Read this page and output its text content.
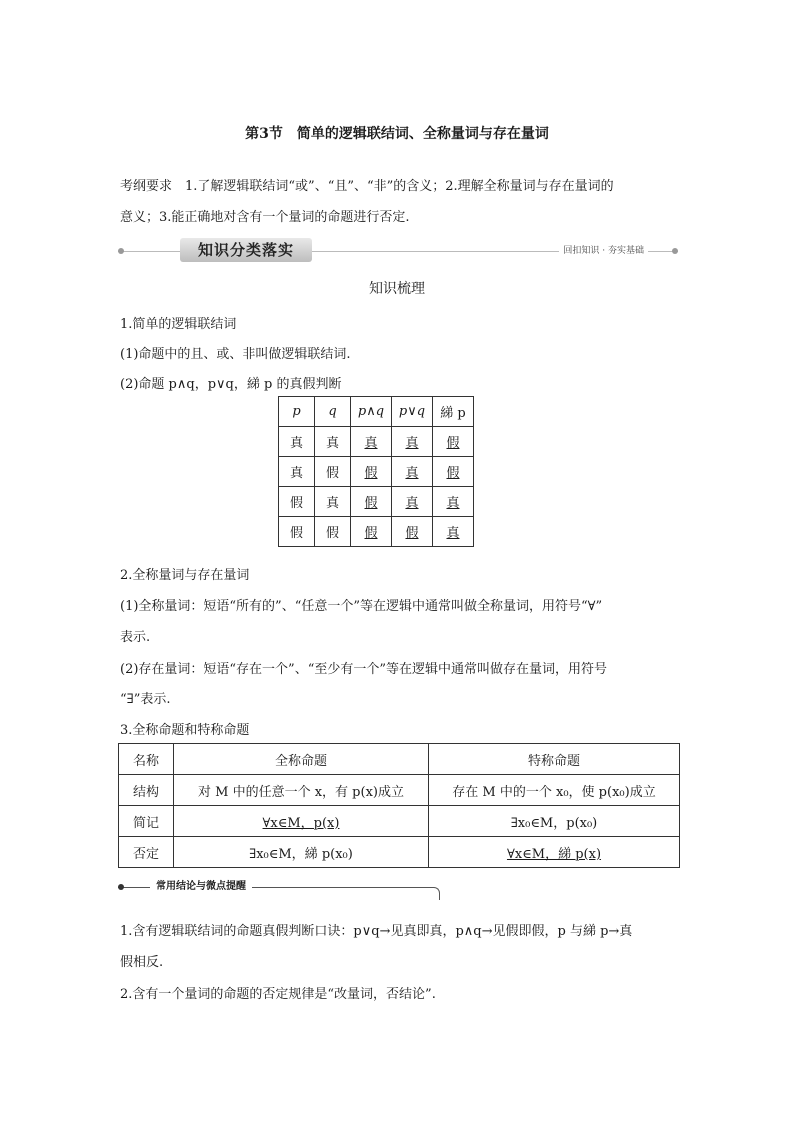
第3节　简单的逻辑联结词、全称量词与存在量词
考纲要求　1.了解逻辑联结词“或”、“且”、“非”的含义；2.理解全称量词与存在量词的
意义；3.能正确地对含有一个量词的命题进行否定.
知识分类落实	回扣知识 · 夯实基础
知识梳理
1.简单的逻辑联结词
(1)命题中的且、或、非叫做逻辑联结词.
(2)命题 p∧q，p∨q，綈 p 的真假判断
p	q	p∧q	p∨q	綈 p
真	真	真	真	假
真	假	假	真	假
假	真	假	真	真
假	假	假	假	真
2.全称量词与存在量词
(1)全称量词：短语“所有的”、“任意一个”等在逻辑中通常叫做全称量词，用符号“∀”
表示.
(2)存在量词：短语“存在一个”、“至少有一个”等在逻辑中通常叫做存在量词，用符号
“∃”表示.
3.全称命题和特称命题
名称	全称命题	特称命题
结构	对 M 中的任意一个 x，有 p(x)成立	存在 M 中的一个 x₀，使 p(x₀)成立
简记	∀x∈M，p(x)	∃x₀∈M，p(x₀)
否定	∃x₀∈M，綈 p(x₀)	∀x∈M，綈 p(x)
常用结论与微点提醒
1.含有逻辑联结词的命题真假判断口诀：p∨q→见真即真，p∧q→见假即假，p 与綈 p→真
假相反.
2.含有一个量词的命题的否定规律是“改量词，否结论”.
